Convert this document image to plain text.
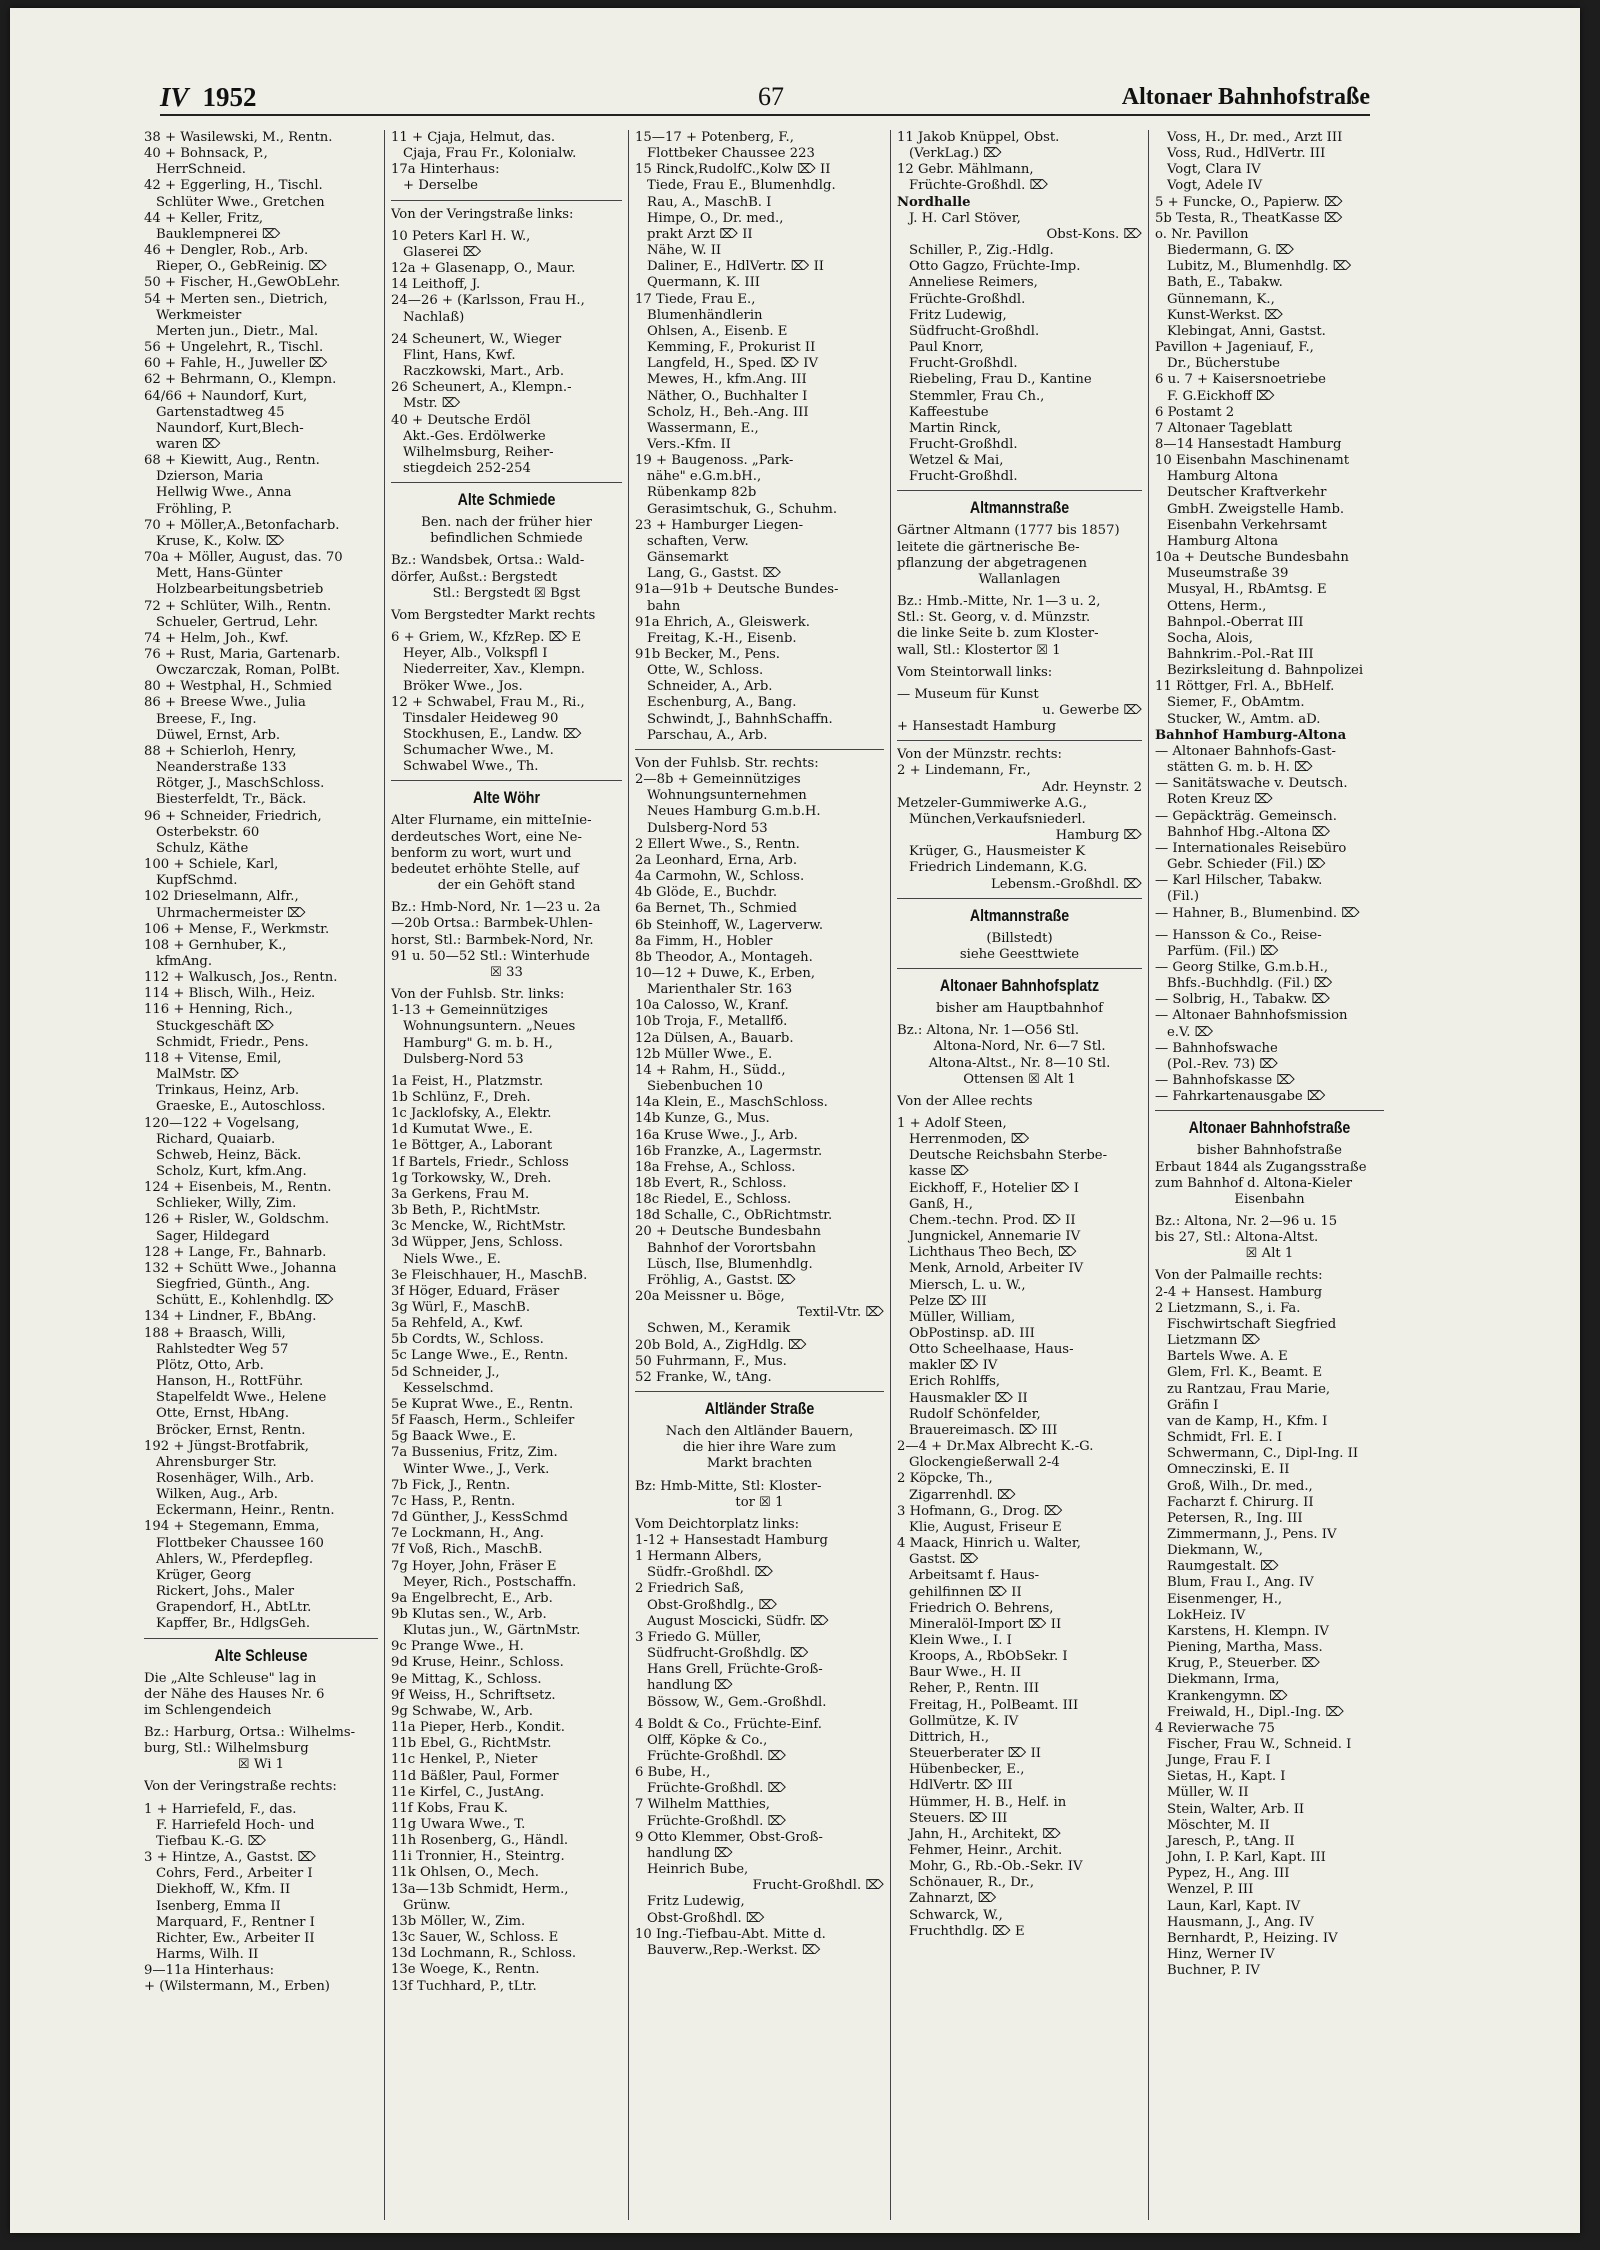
IV 1952	67	Altonaer Bahnhofstraße
38 + Wasilewski, M., Rentn.
40 + Bohnsack, P.,
HerrSchneid.
42 + Eggerling, H., Tischl.
Schlüter Wwe., Gretchen
44 + Keller, Fritz,
Bauklempnerei ⌦
46 + Dengler, Rob., Arb.
Rieper, O., GebReinig. ⌦
50 + Fischer, H.,GewObLehr.
54 + Merten sen., Dietrich,
Werkmeister
Merten jun., Dietr., Mal.
56 + Ungelehrt, R., Tischl.
60 + Fahle, H., Juweller ⌦
62 + Behrmann, O., Klempn.
64/66 + Naundorf, Kurt,
Gartenstadtweg 45
Naundorf, Kurt,Blech-
waren ⌦
68 + Kiewitt, Aug., Rentn.
Dzierson, Maria
Hellwig Wwe., Anna
Fröhling, P.
70 + Möller,A.,Betonfacharb.
Kruse, K., Kolw. ⌦
70a + Möller, August, das. 70
Mett, Hans-Günter
Holzbearbeitungsbetrieb
72 + Schlüter, Wilh., Rentn.
Schueler, Gertrud, Lehr.
74 + Helm, Joh., Kwf.
76 + Rust, Maria, Gartenarb.
Owczarczak, Roman, PolBt.
80 + Westphal, H., Schmied
86 + Breese Wwe., Julia
Breese, F., Ing.
Düwel, Ernst, Arb.
88 + Schierloh, Henry,
Neanderstraße 133
Rötger, J., MaschSchloss.
Biesterfeldt, Tr., Bäck.
96 + Schneider, Friedrich,
Osterbekstr. 60
Schulz, Käthe
100 + Schiele, Karl,
KupfSchmd.
102 Drieselmann, Alfr.,
Uhrmachermeister ⌦
106 + Mense, F., Werkmstr.
108 + Gernhuber, K.,
kfmAng.
112 + Walkusch, Jos., Rentn.
114 + Blisch, Wilh., Heiz.
116 + Henning, Rich.,
Stuckgeschäft ⌦
Schmidt, Friedr., Pens.
118 + Vitense, Emil,
MalMstr. ⌦
Trinkaus, Heinz, Arb.
Graeske, E., Autoschloss.
120—122 + Vogelsang,
Richard, Quaiarb.
Schweb, Heinz, Bäck.
Scholz, Kurt, kfm.Ang.
124 + Eisenbeis, M., Rentn.
Schlieker, Willy, Zim.
126 + Risler, W., Goldschm.
Sager, Hildegard
128 + Lange, Fr., Bahnarb.
132 + Schütt Wwe., Johanna
Siegfried, Günth., Ang.
Schütt, E., Kohlenhdlg. ⌦
134 + Lindner, F., BbAng.
188 + Braasch, Willi,
Rahlstedter Weg 57
Plötz, Otto, Arb.
Hanson, H., RottFühr.
Stapelfeldt Wwe., Helene
Otte, Ernst, HbAng.
Bröcker, Ernst, Rentn.
192 + Jüngst-Brotfabrik,
Ahrensburger Str.
Rosenhäger, Wilh., Arb.
Wilken, Aug., Arb.
Eckermann, Heinr., Rentn.
194 + Stegemann, Emma,
Flottbeker Chaussee 160
Ahlers, W., Pferdepfleg.
Krüger, Georg
Rickert, Johs., Maler
Grapendorf, H., AbtLtr.
Kapffer, Br., HdlgsGeh.
Alte Schleuse
Die „Alte Schleuse" lag in
der Nähe des Hauses Nr. 6
im Schlengendeich
Bz.: Harburg, Ortsa.: Wilhelms-
burg, Stl.: Wilhelmsburg
☒ Wi 1
Von der Veringstraße rechts:
1 + Harriefeld, F., das.
F. Harriefeld Hoch- und
Tiefbau K.-G. ⌦
3 + Hintze, A., Gastst. ⌦
Cohrs, Ferd., Arbeiter I
Diekhoff, W., Kfm. II
Isenberg, Emma II
Marquard, F., Rentner I
Richter, Ew., Arbeiter II
Harms, Wilh. II
9—11a Hinterhaus:
+ (Wilstermann, M., Erben)
11 + Cjaja, Helmut, das.
Cjaja, Frau Fr., Kolonialw.
17a Hinterhaus:
+ Derselbe
Von der Veringstraße links:
10 Peters Karl H. W.,
Glaserei ⌦
12a + Glasenapp, O., Maur.
14 Leithoff, J.
24—26 + (Karlsson, Frau H.,
Nachlaß)
24 Scheunert, W., Wieger
Flint, Hans, Kwf.
Raczkowski, Mart., Arb.
26 Scheunert, A., Klempn.-
Mstr. ⌦
40 + Deutsche Erdöl
Akt.-Ges. Erdölwerke
Wilhelmsburg, Reiher-
stiegdeich 252-254
Alte Schmiede
Ben. nach der früher hier
befindlichen Schmiede
Bz.: Wandsbek, Ortsa.: Wald-
dörfer, Außst.: Bergstedt
Stl.: Bergstedt ☒ Bgst
Vom Bergstedter Markt rechts
6 + Griem, W., KfzRep. ⌦ E
Heyer, Alb., Volkspfl I
Niederreiter, Xav., Klempn.
Bröker Wwe., Jos.
12 + Schwabel, Frau M., Ri.,
Tinsdaler Heideweg 90
Stockhusen, E., Landw. ⌦
Schumacher Wwe., M.
Schwabel Wwe., Th.
Alte Wöhr
Alter Flurname, ein mitteIniе-
derdeutsches Wort, eine Ne-
benform zu wort, wurt und
bedeutet erhöhte Stelle, auf
der ein Gehöft stand
Bz.: Hmb-Nord, Nr. 1—23 u. 2a
—20b Ortsa.: Barmbek-Uhlen-
horst, Stl.: Barmbek-Nord, Nr.
91 u. 50—52 Stl.: Winterhude
☒ 33
Von der Fuhlsb. Str. links:
1-13 + Gemeinnütziges
Wohnungsuntern. „Neues
Hamburg" G. m. b. H.,
Dulsberg-Nord 53
1a Feist, H., Platzmstr.
1b Schlünz, F., Dreh.
1c Jacklofsky, A., Elektr.
1d Kumutat Wwe., E.
1e Böttger, A., Laborant
1f Bartels, Friedr., Schloss
1g Torkowsky, W., Dreh.
3a Gerkens, Frau M.
3b Beth, P., RichtMstr.
3c Mencke, W., RichtMstr.
3d Wüpper, Jens, Schloss.
Niels Wwe., E.
3e Fleischhauer, H., MaschB.
3f Höger, Eduard, Fräser
3g Würl, F., MaschB.
5a Rehfeld, A., Kwf.
5b Cordts, W., Schloss.
5c Lange Wwe., E., Rentn.
5d Schneider, J.,
Kesselschmd.
5e Kuprat Wwe., E., Rentn.
5f Faasch, Herm., Schleifer
5g Baack Wwe., E.
7a Bussenius, Fritz, Zim.
Winter Wwe., J., Verk.
7b Fick, J., Rentn.
7c Hass, P., Rentn.
7d Günther, J., KessSchmd
7e Lockmann, H., Ang.
7f Voß, Rich., MaschB.
7g Hoyer, John, Fräser E
Meyer, Rich., Postschaffn.
9a Engelbrecht, E., Arb.
9b Klutas sen., W., Arb.
Klutas jun., W., GärtnMstr.
9c Prange Wwe., H.
9d Kruse, Heinr., Schloss.
9e Mittag, K., Schloss.
9f Weiss, H., Schriftsetz.
9g Schwabe, W., Arb.
11a Pieper, Herb., Kondit.
11b Ebel, G., RichtMstr.
11c Henkel, P., Nieter
11d Bäßler, Paul, Former
11e Kirfel, C., JustAng.
11f Kobs, Frau K.
11g Uwara Wwe., T.
11h Rosenberg, G., Händl.
11i Tronnier, H., Steintrg.
11k Ohlsen, O., Mech.
13a—13b Schmidt, Herm.,
Grünw.
13b Möller, W., Zim.
13c Sauer, W., Schloss. E
13d Lochmann, R., Schloss.
13e Woege, K., Rentn.
13f Tuchhard, P., tLtr.
15—17 + Potenberg, F.,
Flottbeker Chaussee 223
15 Rinck,RudolfC.,Kolw ⌦ II
Tiede, Frau E., Blumenhdlg.
Rau, A., MaschB. I
Himpe, O., Dr. med.,
prakt Arzt ⌦ II
Nähe, W. II
Daliner, E., HdlVertr. ⌦ II
Quermann, K. III
17 Tiede, Frau E.,
Blumenhändlerin
Ohlsen, A., Eisenb. E
Kemming, F., Prokurist II
Langfeld, H., Sped. ⌦ IV
Mewes, H., kfm.Ang. III
Näther, O., Buchhalter I
Scholz, H., Beh.-Ang. III
Wassermann, E.,
Vers.-Kfm. II
19 + Baugenoss. „Park-
nähe" e.G.m.bH.,
Rübenkamp 82b
Gerasimtschuk, G., Schuhm.
23 + Hamburger Liegen-
schaften, Verw.
Gänsemarkt
Lang, G., Gastst. ⌦
91a—91b + Deutsche Bundes-
bahn
91a Ehrich, A., Gleiswerk.
Freitag, K.-H., Eisenb.
91b Becker, M., Pens.
Otte, W., Schloss.
Schneider, A., Arb.
Eschenburg, A., Bang.
Schwindt, J., BahnhSchaffn.
Parschau, A., Arb.
Von der Fuhlsb. Str. rechts:
2—8b + Gemeinnütziges
Wohnungsunternehmen
Neues Hamburg G.m.b.H.
Dulsberg-Nord 53
2 Ellert Wwe., S., Rentn.
2a Leonhard, Erna, Arb.
4a Carmohn, W., Schloss.
4b Glöde, E., Buchdr.
6a Bernet, Th., Schmied
6b Steinhoff, W., Lagerverw.
8a Fimm, H., Hobler
8b Theodor, A., Montageh.
10—12 + Duwe, K., Erben,
Marienthaler Str. 163
10a Calosso, W., Kranf.
10b Troja, F., Metallfб.
12a Dülsen, A., Bauarb.
12b Müller Wwe., E.
14 + Rahm, H., Südd.,
Siebenbuchen 10
14a Klein, E., MaschSchloss.
14b Kunze, G., Mus.
16a Kruse Wwe., J., Arb.
16b Franzke, A., Lagermstr.
18a Frehse, A., Schloss.
18b Evert, R., Schloss.
18c Riedel, E., Schloss.
18d Schalle, C., ObRichtmstr.
20 + Deutsche Bundesbahn
Bahnhof der Vorortsbahn
Lüsch, Ilse, Blumenhdlg.
Fröhlig, A., Gastst. ⌦
20a Meissner u. Böge,
Textil-Vtr. ⌦
Schwen, M., Keramik
20b Bold, A., ZigHdlg. ⌦
50 Fuhrmann, F., Mus.
52 Franke, W., tAng.
Altländer Straße
Nach den Altländer Bauern,
die hier ihre Ware zum
Markt brachten
Bz: Hmb-Mitte, Stl: Kloster-
tor ☒ 1
Vom Deichtorplatz links:
1-12 + Hansestadt Hamburg
1 Hermann Albers,
Südfr.-Großhdl. ⌦
2 Friedrich Saß,
Obst-Großhdlg., ⌦
August Moscicki, Südfr. ⌦
3 Friedo G. Müller,
Südfrucht-Großhdlg. ⌦
Hans Grell, Früchte-Groß-
handlung ⌦
Bössow, W., Gem.-Großhdl.
4 Boldt & Co., Früchte-Einf.
Olff, Köpke & Co.,
Früchte-Großhdl. ⌦
6 Bube, H.,
Früchte-Großhdl. ⌦
7 Wilhelm Matthies,
Früchte-Großhdl. ⌦
9 Otto Klemmer, Obst-Groß-
handlung ⌦
Heinrich Bube,
Frucht-Großhdl. ⌦
Fritz Ludewig,
Obst-Großhdl. ⌦
10 Ing.-Tiefbau-Abt. Mitte d.
Bauverw.,Rep.-Werkst. ⌦
11 Jakob Knüppel, Obst.
(VerkLag.) ⌦
12 Gebr. Mählmann,
Früchte-Großhdl. ⌦
Nordhalle
J. H. Carl Stöver,
Obst-Kons. ⌦
Schiller, P., Zig.-Hdlg.
Otto Gagzo, Früchte-Imp.
Anneliese Reimers,
Früchte-Großhdl.
Fritz Ludewig,
Südfrucht-Großhdl.
Paul Knorr,
Frucht-Großhdl.
Riebeling, Frau D., Kantine
Stemmler, Frau Ch.,
Kaffeestube
Martin Rinck,
Frucht-Großhdl.
Wetzel & Mai,
Frucht-Großhdl.
Altmannstraße
Gärtner Altmann (1777 bis 1857)
leitete die gärtnerische Be-
pflanzung der abgetragenen
Wallanlagen
Bz.: Hmb.-Mitte, Nr. 1—3 u. 2,
Stl.: St. Georg, v. d. Münzstr.
die linke Seite b. zum Kloster-
wall, Stl.: Klostertor ☒ 1
Vom Steintorwall links:
— Museum für Kunst
u. Gewerbe ⌦
+ Hansestadt Hamburg
Von der Münzstr. rechts:
2 + Lindemann, Fr.,
Adr. Heynstr. 2
Metzeler-Gummiwerke A.G.,
München,Verkaufsniederl.
Hamburg ⌦
Krüger, G., Hausmeister K
Friedrich Lindemann, K.G.
Lebensm.-Großhdl. ⌦
Altmannstraße
(Billstedt)
siehe Geesttwiete
Altonaer Bahnhofsplatz
bisher am Hauptbahnhof
Bz.: Altona, Nr. 1—O56 Stl.
Altona-Nord, Nr. 6—7 Stl.
Altona-Altst., Nr. 8—10 Stl.
Ottensen ☒ Alt 1
Von der Allee rechts
1 + Adolf Steen,
Herrenmoden, ⌦
Deutsche Reichsbahn Sterbe-
kasse ⌦
Eickhoff, F., Hotelier ⌦ I
Ganß, H.,
Chem.-techn. Prod. ⌦ II
Jungnickel, Annemarie IV
Lichthaus Theo Bech, ⌦
Menk, Arnold, Arbeiter IV
Miersch, L. u. W.,
Pelze ⌦ III
Müller, William,
ObPostinsp. aD. III
Otto Scheelhaase, Haus-
makler ⌦ IV
Erich Rohlffs,
Hausmakler ⌦ II
Rudolf Schönfelder,
Brauereimasch. ⌦ III
2—4 + Dr.Max Albrecht K.-G.
Glockengießerwall 2-4
2 Köpcke, Th.,
Zigarrenhdl. ⌦
3 Hofmann, G., Drog. ⌦
Klie, August, Friseur E
4 Maack, Hinrich u. Walter,
Gastst. ⌦
Arbeitsamt f. Haus-
gehilfinnen ⌦ II
Friedrich O. Behrens,
Mineralöl-Import ⌦ II
Klein Wwe., I. I
Kroops, A., RbObSekr. I
Baur Wwe., H. II
Reher, P., Rentn. III
Freitag, H., PolBeamt. III
Gollmütze, K. IV
Dittrich, H.,
Steuerberater ⌦ II
Hübenbecker, E.,
HdlVertr. ⌦ III
Hümmer, H. B., Helf. in
Steuers. ⌦ III
Jahn, H., Architekt, ⌦
Fehmer, Heinr., Archit.
Mohr, G., Rb.-Ob.-Sekr. IV
Schönauer, R., Dr.,
Zahnarzt, ⌦
Schwarck, W.,
Fruchthdlg. ⌦ E
Voss, H., Dr. med., Arzt III
Voss, Rud., HdlVertr. III
Vogt, Clara IV
Vogt, Adele IV
5 + Funcke, O., Papierw. ⌦
5b Testa, R., TheatKasse ⌦
o. Nr. Pavillon
Biedermann, G. ⌦
Lubitz, M., Blumenhdlg. ⌦
Bath, E., Tabakw.
Günnemann, K.,
Kunst-Werkst. ⌦
Klebingat, Anni, Gastst.
Pavillon + Jageniauf, F.,
Dr., Bücherstube
6 u. 7 + Kaisersnoetriebe
F. G.Eickhoff ⌦
6 Postamt 2
7 Altonaer Tageblatt
8—14 Hansestadt Hamburg
10 Eisenbahn Maschinenamt
Hamburg Altona
Deutscher Kraftverkehr
GmbH. Zweigstelle Hamb.
Eisenbahn Verkehrsamt
Hamburg Altona
10a + Deutsche Bundesbahn
Museumstraße 39
Musyal, H., RbAmtsg. E
Ottens, Herm.,
Bahnpol.-Oberrat III
Socha, Alois,
Bahnkrim.-Pol.-Rat III
Bezirksleitung d. Bahnpolizei
11 Röttger, Frl. A., BbHelf.
Siemer, F., ObAmtm.
Stucker, W., Amtm. aD.
Bahnhof Hamburg-Altona
— Altonaer Bahnhofs-Gast-
stätten G. m. b. H. ⌦
— Sanitätswache v. Deutsch.
Roten Kreuz ⌦
— Gepäckträg. Gemeinsch.
Bahnhof Hbg.-Altona ⌦
— Internationales Reisebüro
Gebr. Schieder (Fil.) ⌦
— Karl Hilscher, Tabakw.
(Fil.)
— Hahner, B., Blumenbind. ⌦
— Hansson & Co., Reise-
Parfüm. (Fil.) ⌦
— Georg Stilke, G.m.b.H.,
Bhfs.-Buchhdlg. (Fil.) ⌦
— Solbrig, H., Tabakw. ⌦
— Altonaer Bahnhofsmission
e.V. ⌦
— Bahnhofswache
(Pol.-Rev. 73) ⌦
— Bahnhofskasse ⌦
— Fahrkartenausgabe ⌦
Altonaer Bahnhofstraße
bisher Bahnhofstraße
Erbaut 1844 als Zugangsstraße
zum Bahnhof d. Altona-Kieler
Eisenbahn
Bz.: Altona, Nr. 2—96 u. 15
bis 27, Stl.: Altona-Altst.
☒ Alt 1
Von der Palmaille rechts:
2-4 + Hansest. Hamburg
2 Lietzmann, S., i. Fa.
Fischwirtschaft Siegfried
Lietzmann ⌦
Bartels Wwe. A. E
Glem, Frl. K., Beamt. E
zu Rantzau, Frau Marie,
Gräfin I
van de Kamp, H., Kfm. I
Schmidt, Frl. E. I
Schwermann, C., Dipl-Ing. II
Omneczinski, E. II
Groß, Wilh., Dr. med.,
Facharzt f. Chirurg. II
Petersen, R., Ing. III
Zimmermann, J., Pens. IV
Diekmann, W.,
Raumgestalt. ⌦
Blum, Frau I., Ang. IV
Eisenmenger, H.,
LokHeiz. IV
Karstens, H. Klempn. IV
Piening, Martha, Mass.
Krug, P., Steuerber. ⌦
Diekmann, Irma,
Krankengymn. ⌦
Freiwald, H., Dipl.-Ing. ⌦
4 Revierwache 75
Fischer, Frau W., Schneid. I
Junge, Frau F. I
Sietas, H., Kapt. I
Müller, W. II
Stein, Walter, Arb. II
Möschter, M. II
Jaresch, P., tAng. II
John, I. P. Karl, Kapt. III
Pypez, H., Ang. III
Wenzel, P. III
Laun, Karl, Kapt. IV
Hausmann, J., Ang. IV
Bernhardt, P., Heizing. IV
Hinz, Werner IV
Buchner, P. IV
